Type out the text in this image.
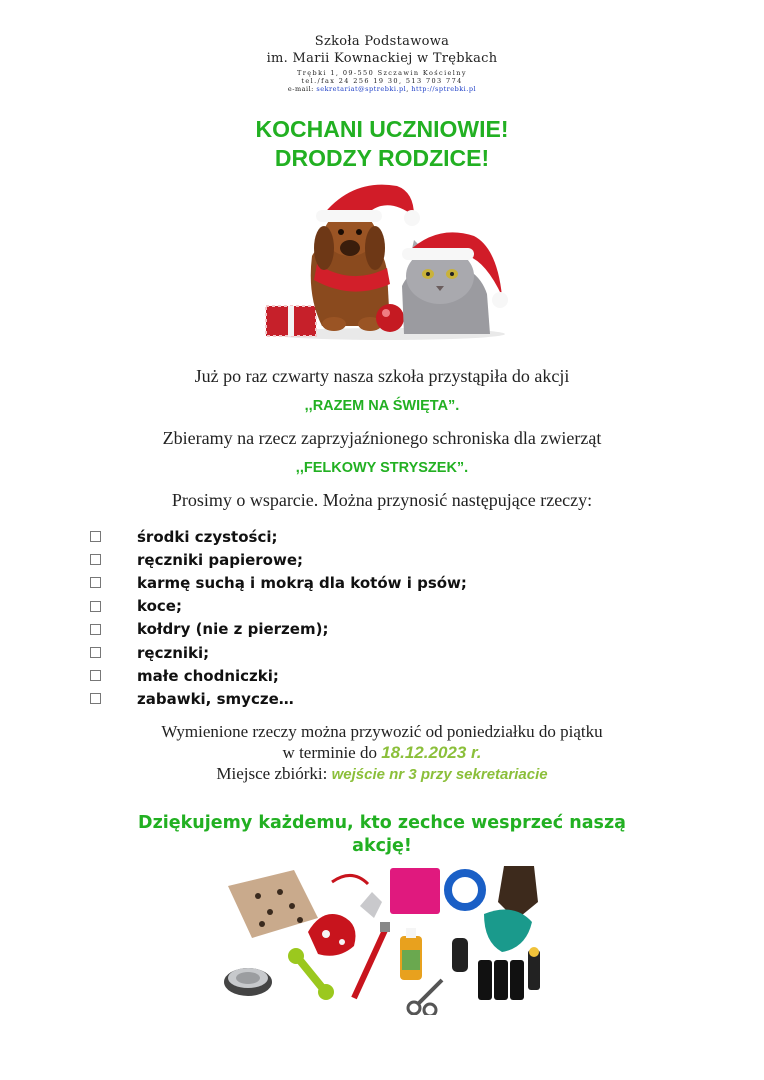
Szkoła Podstawowa
im. Marii Kownackiej w Trębkach
Trębki 1, 09-550 Szczawin Kościelny
tel./fax 24 256 19 30, 513 703 774
e-mail: sekretariat@sptrebki.pl, http://sptrebki.pl
KOCHANI UCZNIOWIE!
DRODZY RODZICE!
Już po raz czwarty nasza szkoła przystąpiła do akcji
,,RAZEM NA ŚWIĘTA”.
Zbieramy na rzecz zaprzyjaźnionego schroniska dla zwierząt
,,FELKOWY STRYSZEK”.
Prosimy o wsparcie. Można przynosić następujące rzeczy:
środki czystości;
ręczniki papierowe;
karmę suchą i mokrą dla kotów i psów;
koce;
kołdry (nie z pierzem);
ręczniki;
małe chodniczki;
zabawki, smycze…
Wymienione rzeczy można przywozić od poniedziałku do piątku
w terminie do 18.12.2023 r.
Miejsce zbiórki: wejście nr 3 przy sekretariacie
Dziękujemy każdemu, kto zechce wesprzeć naszą
akcję!
